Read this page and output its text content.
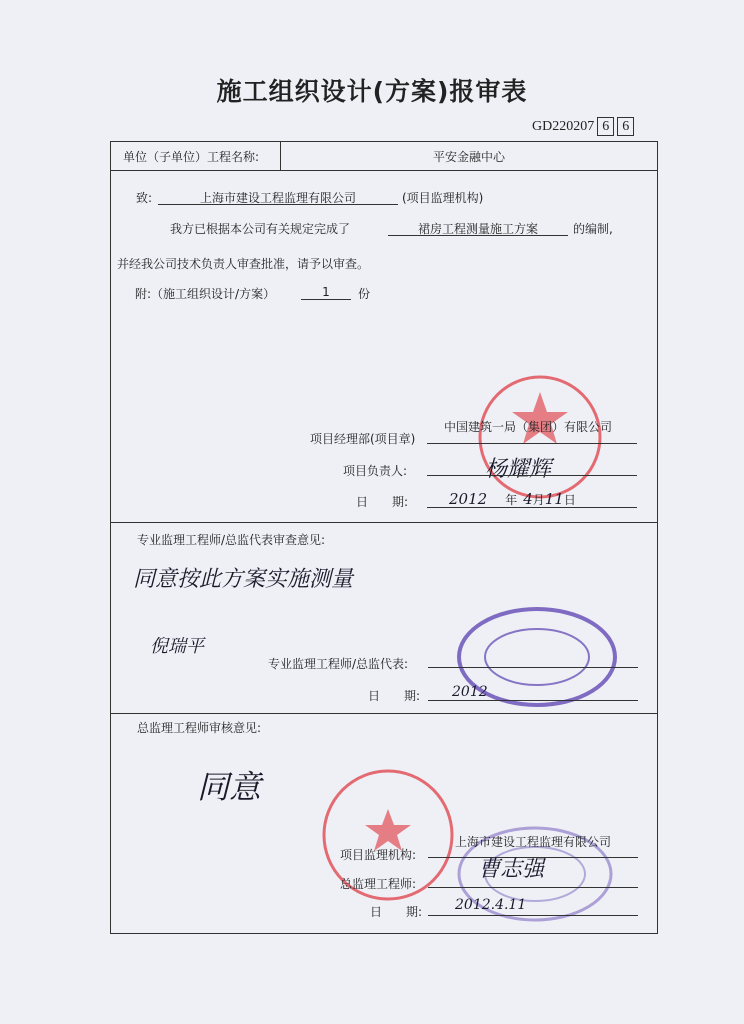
施工组织设计(方案)报审表
GD220207 6 6
单位（子单位）工程名称:	平安金融中心
致:	上海市建设工程监理有限公司	(项目监理机构)
我方已根据本公司有关规定完成了	裙房工程测量施工方案	的编制,
并经我公司技术负责人审查批准，请予以审查。
附:（施工组织设计/方案）	1	份
中国建筑一局（集团）有限公司
项目经理部(项目章)
项目负责人:	杨耀辉
日　　期:	2012 年 4月11日
专业监理工程师/总监代表审查意见:
同意按此方案实施测量
倪瑞平
专业监理工程师/总监代表:
日　　期: 2012
总监理工程师审核意见:
同意
上海市建设工程监理有限公司
项目监理机构:
总监理工程师:
曹志强
日　　期: 2012.4.11
